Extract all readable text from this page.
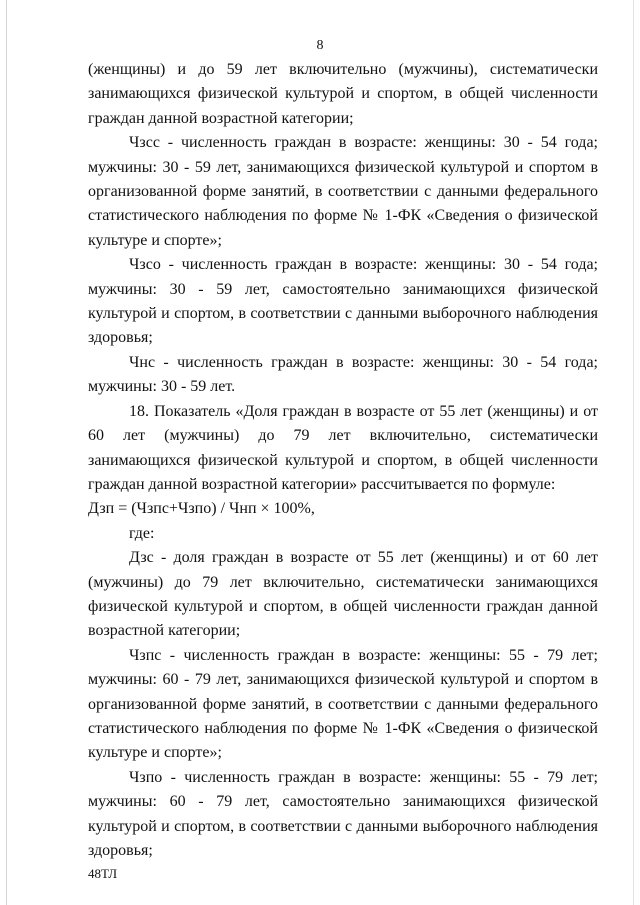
8

(женщины) и до 59 лет включительно (мужчины), систематически занимающихся физической культурой и спортом, в общей численности граждан данной возрастной категории;

Чзсс - численность граждан в возрасте: женщины: 30 - 54 года; мужчины: 30 - 59 лет, занимающихся физической культурой и спортом в организованной форме занятий, в соответствии с данными федерального статистического наблюдения по форме № 1-ФК «Сведения о физической культуре и спорте»;

Чзсо - численность граждан в возрасте: женщины: 30 - 54 года; мужчины: 30 - 59 лет, самостоятельно занимающихся физической культурой и спортом, в соответствии с данными выборочного наблюдения здоровья;

Чнс - численность граждан в возрасте: женщины: 30 - 54 года; мужчины: 30 - 59 лет.

18. Показатель «Доля граждан в возрасте от 55 лет (женщины) и от 60 лет (мужчины) до 79 лет включительно, систематически занимающихся физической культурой и спортом, в общей численности граждан данной возрастной категории» рассчитывается по формуле:

Дзп = (Чзпс+Чзпо) / Чнп × 100%,

где:

Дзс - доля граждан в возрасте от 55 лет (женщины) и от 60 лет (мужчины) до 79 лет включительно, систематически занимающихся физической культурой и спортом, в общей численности граждан данной возрастной категории;

Чзпс - численность граждан в возрасте: женщины: 55 - 79 лет; мужчины: 60 - 79 лет, занимающихся физической культурой и спортом в организованной форме занятий, в соответствии с данными федерального статистического наблюдения по форме № 1-ФК «Сведения о физической культуре и спорте»;

Чзпо - численность граждан в возрасте: женщины: 55 - 79 лет; мужчины: 60 - 79 лет, самостоятельно занимающихся физической культурой и спортом, в соответствии с данными выборочного наблюдения здоровья;

48ТЛ
